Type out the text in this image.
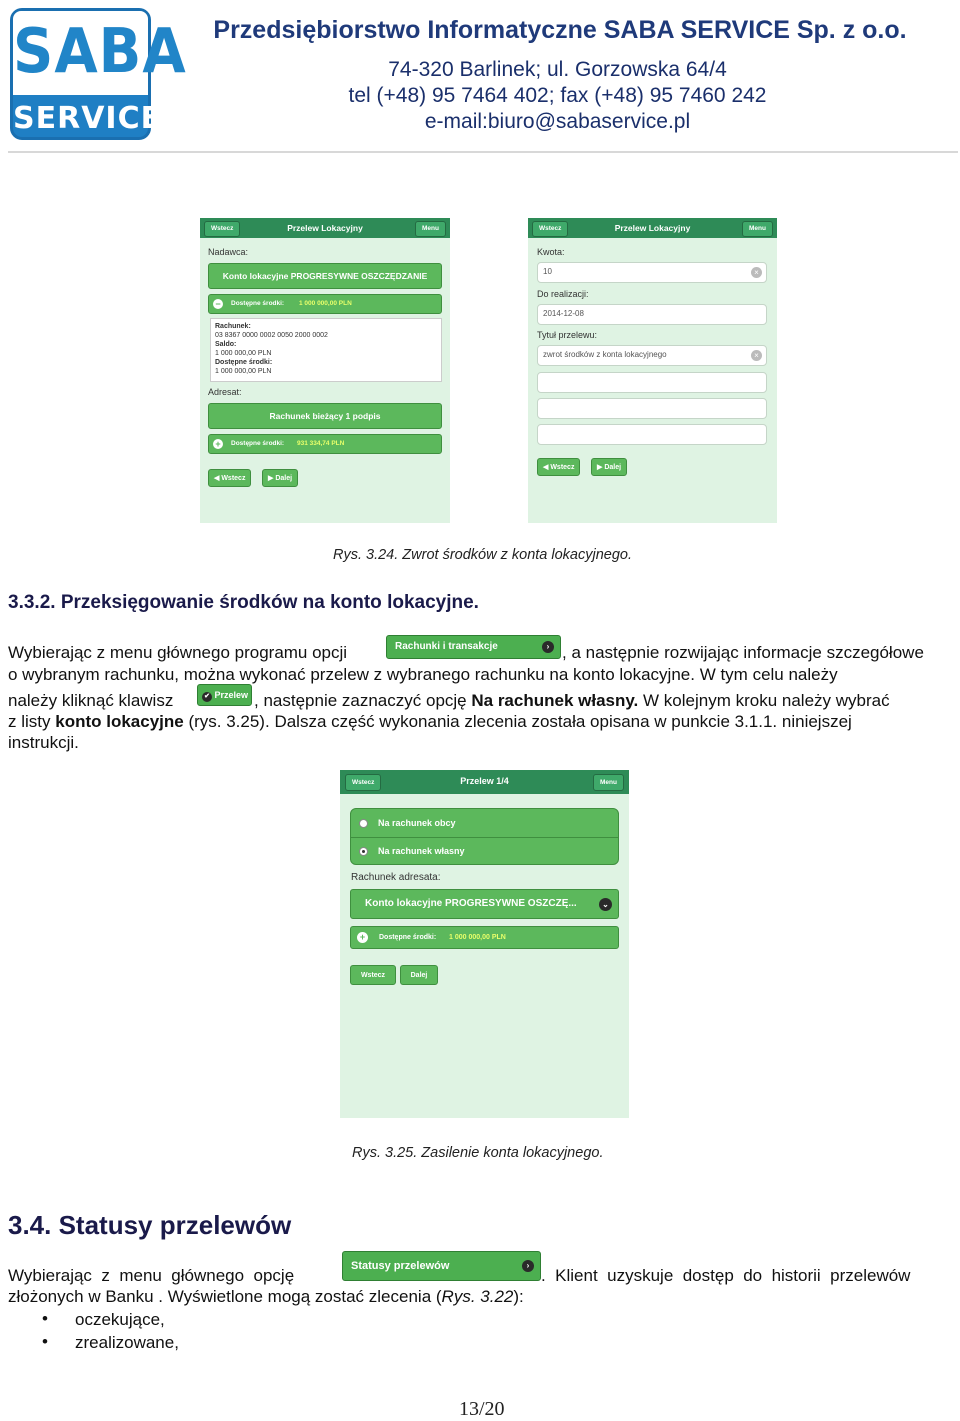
SABA
SERVICE
Przedsiębiorstwo Informatyczne SABA SERVICE Sp. z o.o.
74-320 Barlinek; ul. Gorzowska 64/4
tel (+48) 95 7464 402; fax (+48) 95 7460 242
e-mail:biuro@sabaservice.pl
Wstecz	Przelew Lokacyjny	Menu
Nadawca:
Konto lokacyjne PROGRESYWNE OSZCZĘDZANIE
−	Dostępne środki: 1 000 000,00 PLN
Rachunek:
03 8367 0000 0002 0050 2000 0002
Saldo:
1 000 000,00 PLN
Dostępne środki:
1 000 000,00 PLN
Adresat:
Rachunek bieżący 1 podpis
+	Dostępne środki: 931 334,74 PLN
◀ Wstecz	▶ Dalej
Wstecz	Przelew Lokacyjny	Menu
Kwota:
10	×
Do realizacji:
2014-12-08
Tytuł przelewu:
zwrot środków z konta lokacyjnego	×
◀ Wstecz	▶ Dalej
Rys. 3.24. Zwrot środków z konta lokacyjnego.
3.3.2. Przeksięgowanie środków na konto lokacyjne.
Wybierając z menu głównego programu opcji	Rachunki i transakcje	› , a następnie rozwijając informacje szczegółowe
o wybranym rachunku, można wykonać przelew z wybranego rachunku na konto lokacyjne. W tym celu należy
należy kliknąć klawisz	✔ Przelew , następnie zaznaczyć opcję Na rachunek własny. W kolejnym kroku należy wybrać
z listy konto lokacyjne (rys. 3.25). Dalsza część wykonania zlecenia została opisana w punkcie 3.1.1. niniejszej
instrukcji.
Wstecz	Przelew 1/4	Menu
Na rachunek obcy
Na rachunek własny
Rachunek adresata:
Konto lokacyjne PROGRESYWNE OSZCZĘ...	⌄
+	Dostępne środki: 1 000 000,00 PLN
Wstecz	Dalej
Rys. 3.25. Zasilenie konta lokacyjnego.
3.4. Statusy przelewów
Wybierając  z  menu  głównego  opcję	Statusy przelewów	›
.  Klient  uzyskuje  dostęp  do  historii  przelewów
złożonych w Banku . Wyświetlone mogą zostać zlecenia (Rys. 3.22):
• oczekujące,
• zrealizowane,
13/20
